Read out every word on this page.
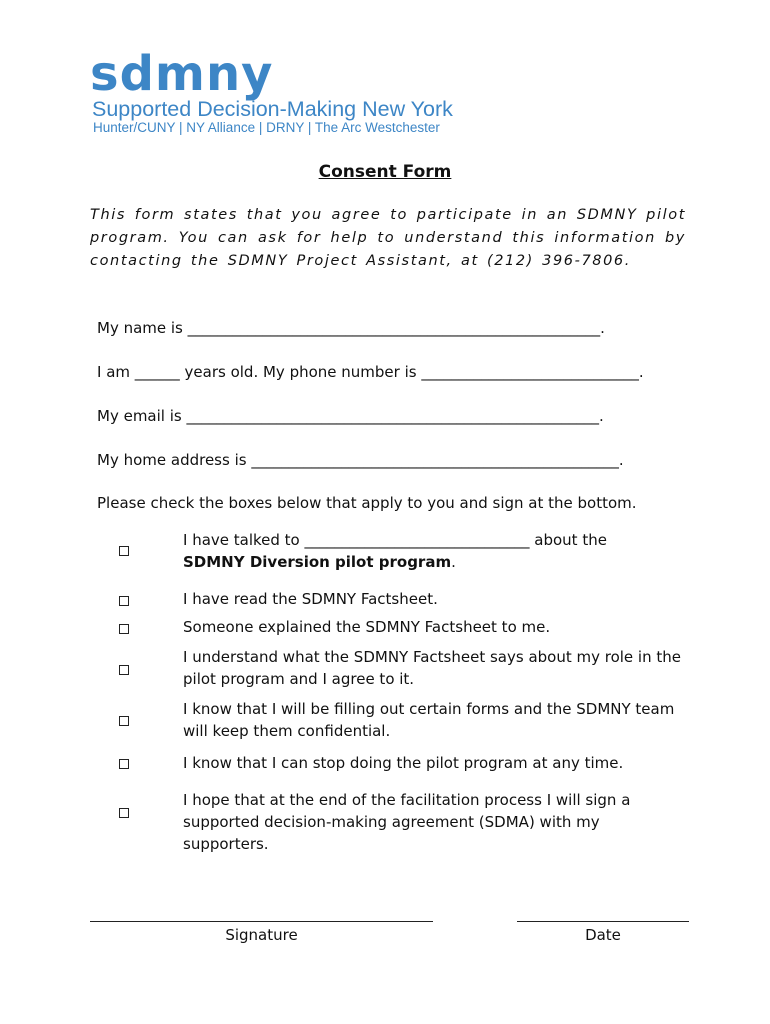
sdmny
Supported Decision-Making New York
Hunter/CUNY | NY Alliance | DRNY | The Arc Westchester
Consent Form
This form states that you agree to participate in an SDMNY pilot program. You can ask for help to understand this information by contacting the SDMNY Project Assistant, at (212) 396-7806.
My name is _______________________________________________________.
I am ______ years old. My phone number is _____________________________.
My email is _______________________________________________________.
My home address is _________________________________________________.
Please check the boxes below that apply to you and sign at the bottom.
I have talked to ______________________________ about the
SDMNY Diversion pilot program.
I have read the SDMNY Factsheet.
Someone explained the SDMNY Factsheet to me.
I understand what the SDMNY Factsheet says about my role in the pilot program and I agree to it.
I know that I will be filling out certain forms and the SDMNY team will keep them confidential.
I know that I can stop doing the pilot program at any time.
I hope that at the end of the facilitation process I will sign a supported decision-making agreement (SDMA) with my supporters.
Signature	Date
